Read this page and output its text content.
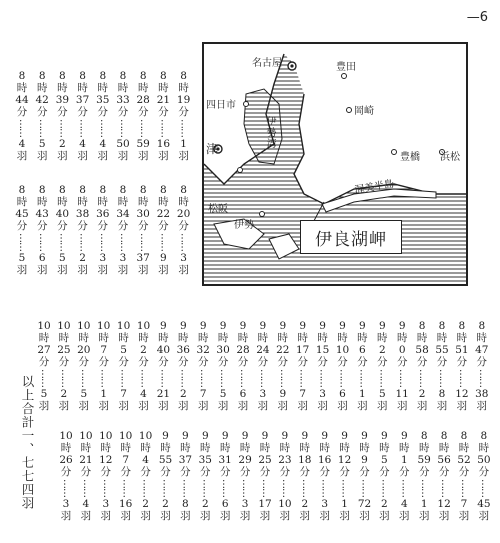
—6
8
時
44
分
……
4
羽
8
時
42
分
……
5
羽
8
時
39
分
……
2
羽
8
時
37
分
……
4
羽
8
時
35
分
……
4
羽
8
時
33
分
……
50
羽
8
時
28
分
……
59
羽
8
時
21
分
……
16
羽
8
時
19
分
……
1
羽
8
時
45
分
……
5
羽
8
時
43
分
……
6
羽
8
時
40
分
……
5
羽
8
時
38
分
……
2
羽
8
時
36
分
……
3
羽
8
時
34
分
……
3
羽
8
時
30
分
……
37
羽
8
時
22
分
……
9
羽
8
時
20
分
……
3
羽
10
時
27
分
……
5
羽
10
時
25
分
……
2
羽
10
時
20
分
……
5
羽
10
時
7
分
……
1
羽
10
時
5
分
……
7
羽
10
時
2
分
……
4
羽
9
時
40
分
……
21
羽
9
時
36
分
……
2
羽
9
時
32
分
……
7
羽
9
時
30
分
……
5
羽
9
時
28
分
……
6
羽
9
時
24
分
……
3
羽
9
時
22
分
……
9
羽
9
時
17
分
……
7
羽
9
時
15
分
……
3
羽
9
時
10
分
……
6
羽
9
時
6
分
……
1
羽
9
時
2
分
……
5
羽
9
時
0
分
……
11
羽
8
時
58
分
……
2
羽
8
時
55
分
……
8
羽
8
時
51
分
……
12
羽
8
時
47
分
……
38
羽
10
時
26
分
……
3
羽
10
時
21
分
……
4
羽
10
時
12
分
……
3
羽
10
時
7
分
……
16
羽
10
時
4
分
……
2
羽
9
時
55
分
……
2
羽
9
時
37
分
……
8
羽
9
時
35
分
……
2
羽
9
時
31
分
……
6
羽
9
時
29
分
……
3
羽
9
時
25
分
……
17
羽
9
時
23
分
……
10
羽
9
時
18
分
……
2
羽
9
時
16
分
……
3
羽
9
時
12
分
……
1
羽
9
時
9
分
……
72
羽
9
時
5
分
……
2
羽
9
時
1
分
……
4
羽
8
時
59
分
……
1
羽
8
時
56
分
……
12
羽
8
時
52
分
……
7
羽
8
時
50
分
……
45
羽
以上合計一、七七四羽
名古屋	豊田
四日市
岡崎
伊勢湾
津
豊橋 浜松
渥美半島
松阪
伊勢
伊良湖岬
